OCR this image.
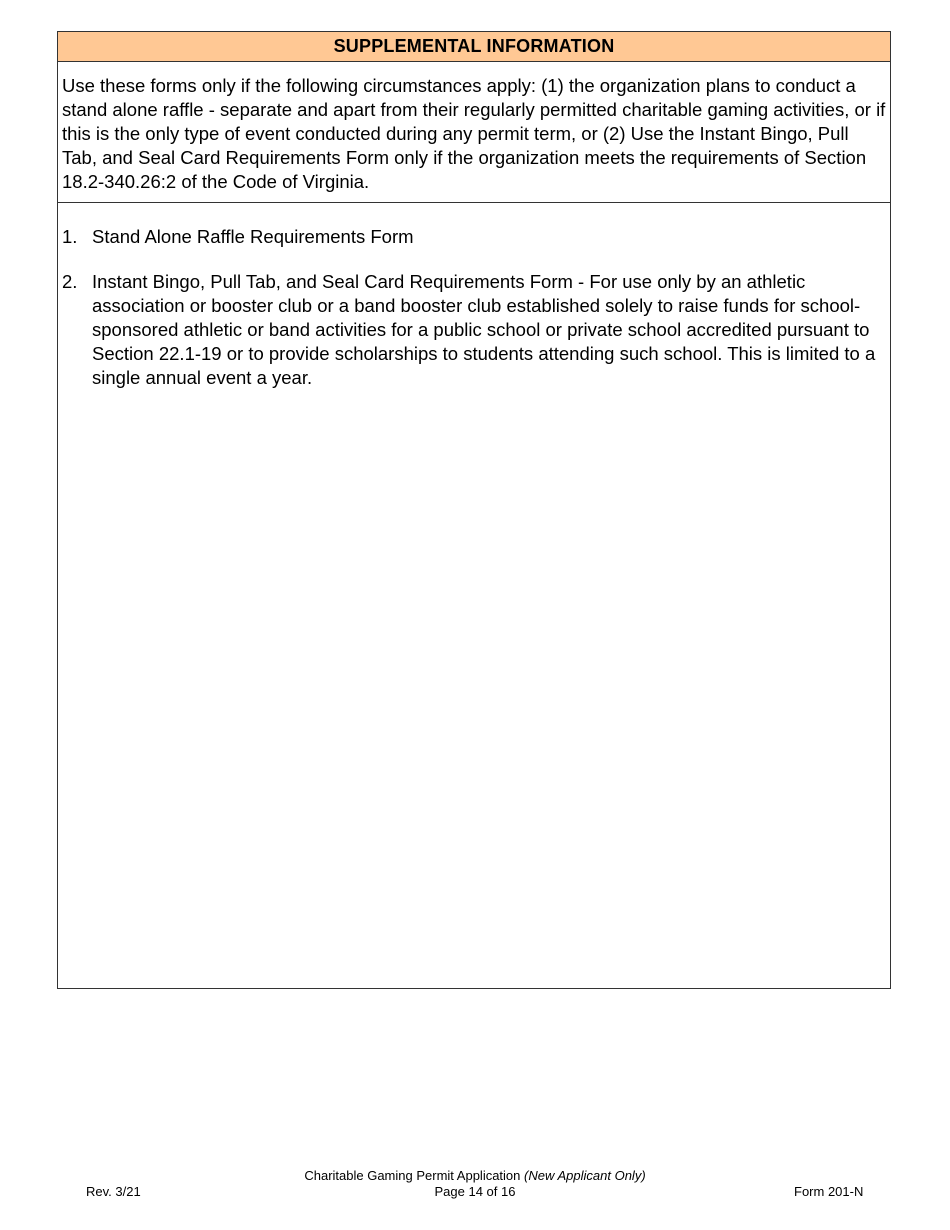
SUPPLEMENTAL INFORMATION
Use these forms only if the following circumstances apply: (1) the organization plans to conduct a stand alone raffle - separate and apart from their regularly permitted charitable gaming activities, or if this is the only type of event conducted during any permit term, or (2) Use the Instant Bingo, Pull Tab, and Seal Card Requirements Form only if the organization meets the requirements of Section 18.2-340.26:2 of the Code of Virginia.
1. Stand Alone Raffle Requirements Form
2. Instant Bingo, Pull Tab, and Seal Card Requirements Form - For use only by an athletic association or booster club or a band booster club established solely to raise funds for school-sponsored athletic or band activities for a public school or private school accredited pursuant to Section 22.1-19 or to provide scholarships to students attending such school. This is limited to a single annual event a year.
Rev. 3/21
Charitable Gaming Permit Application (New Applicant Only)
Page 14 of 16	Form 201-N
